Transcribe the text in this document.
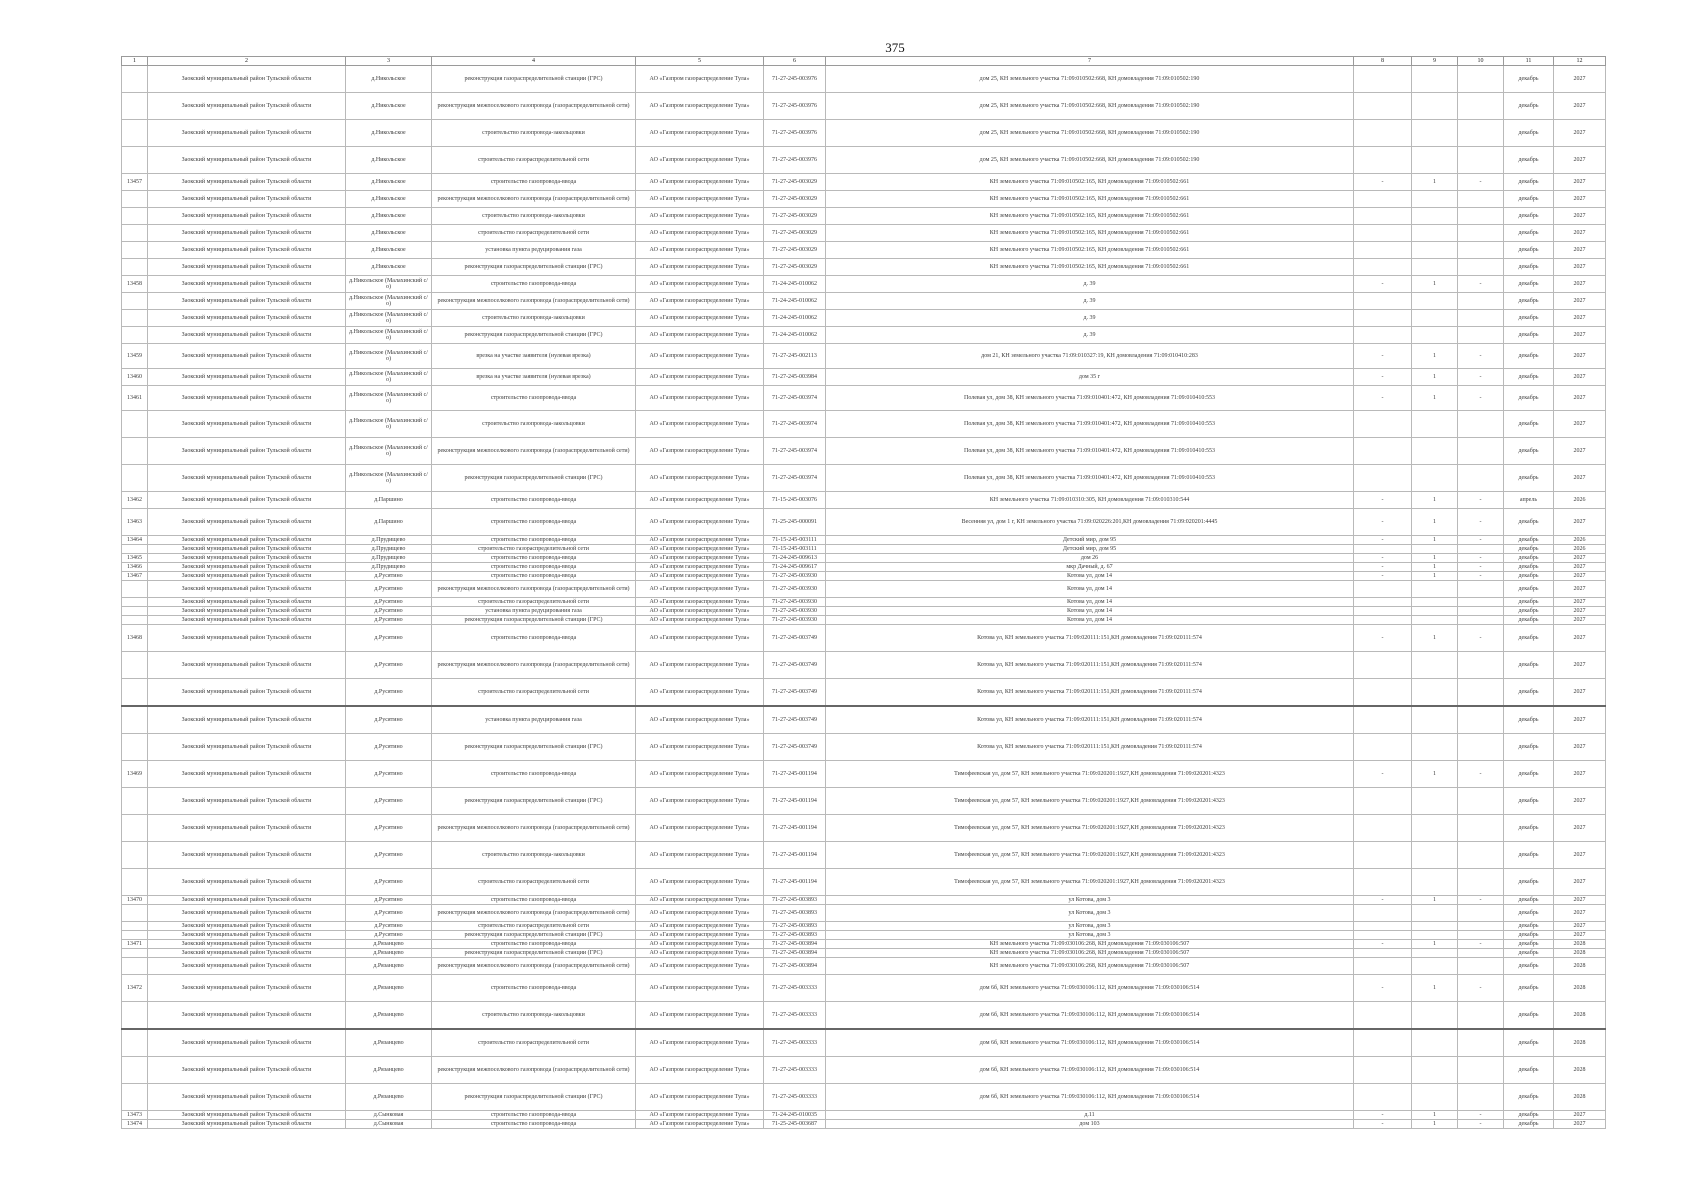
375
1	2	3	4	5	6	7	8	9	10	11	12
	Заокский муниципальный район Тульской области	д.Никольское	реконструкция газораспределительной станции (ГРС)	АО «Газпром газораспределение Тула»	71-27-245-003976	дом 25, КН земельного участка 71:09:010502:668, КН домовладения 71:09:010502:190				декабрь	2027
	Заокский муниципальный район Тульской области	д.Никольское	реконструкция межпоселкового газопровода (газораспределительной сети)	АО «Газпром газораспределение Тула»	71-27-245-003976	дом 25, КН земельного участка 71:09:010502:668, КН домовладения 71:09:010502:190				декабрь	2027
	Заокский муниципальный район Тульской области	д.Никольское	строительство газопровода-закольцовки	АО «Газпром газораспределение Тула»	71-27-245-003976	дом 25, КН земельного участка 71:09:010502:668, КН домовладения 71:09:010502:190				декабрь	2027
	Заокский муниципальный район Тульской области	д.Никольское	строительство газораспределительной сети	АО «Газпром газораспределение Тула»	71-27-245-003976	дом 25, КН земельного участка 71:09:010502:668, КН домовладения 71:09:010502:190				декабрь	2027
13457	Заокский муниципальный район Тульской области	д.Никольское	строительство газопровода-ввода	АО «Газпром газораспределение Тула»	71-27-245-003029	КН земельного участка 71:09:010502:165, КН домовладения 71:09:010502:661	-	1	-	декабрь	2027
	Заокский муниципальный район Тульской области	д.Никольское	реконструкция межпоселкового газопровода (газораспределительной сети)	АО «Газпром газораспределение Тула»	71-27-245-003029	КН земельного участка 71:09:010502:165, КН домовладения 71:09:010502:661				декабрь	2027
	Заокский муниципальный район Тульской области	д.Никольское	строительство газопровода-закольцовки	АО «Газпром газораспределение Тула»	71-27-245-003029	КН земельного участка 71:09:010502:165, КН домовладения 71:09:010502:661				декабрь	2027
	Заокский муниципальный район Тульской области	д.Никольское	строительство газораспределительной сети	АО «Газпром газораспределение Тула»	71-27-245-003029	КН земельного участка 71:09:010502:165, КН домовладения 71:09:010502:661				декабрь	2027
	Заокский муниципальный район Тульской области	д.Никольское	установка пункта редуцирования газа	АО «Газпром газораспределение Тула»	71-27-245-003029	КН земельного участка 71:09:010502:165, КН домовладения 71:09:010502:661				декабрь	2027
	Заокский муниципальный район Тульской области	д.Никольское	реконструкция газораспределительной станции (ГРС)	АО «Газпром газораспределение Тула»	71-27-245-003029	КН земельного участка 71:09:010502:165, КН домовладения 71:09:010502:661				декабрь	2027
13458	Заокский муниципальный район Тульской области	д.Никольское (Малахинский с/о)	строительство газопровода-ввода	АО «Газпром газораспределение Тула»	71-24-245-010062	д. 39	-	1	-	декабрь	2027
	Заокский муниципальный район Тульской области	д.Никольское (Малахинский с/о)	реконструкция межпоселкового газопровода (газораспределительной сети)	АО «Газпром газораспределение Тула»	71-24-245-010062	д. 39				декабрь	2027
	Заокский муниципальный район Тульской области	д.Никольское (Малахинский с/о)	строительство газопровода-закольцовки	АО «Газпром газораспределение Тула»	71-24-245-010062	д. 39				декабрь	2027
	Заокский муниципальный район Тульской области	д.Никольское (Малахинский с/о)	реконструкция газораспределительной станции (ГРС)	АО «Газпром газораспределение Тула»	71-24-245-010062	д. 39				декабрь	2027
13459	Заокский муниципальный район Тульской области	д.Никольское (Малахинский с/о)	врезка на участке заявителя (нулевая врезка)	АО «Газпром газораспределение Тула»	71-27-245-002113	дом 21, КН земельного участка 71:09:010327:19, КН домовладения 71:09:010410:283	-	1	-	декабрь	2027
13460	Заокский муниципальный район Тульской области	д.Никольское (Малахинский с/о)	врезка на участке заявителя (нулевая врезка)	АО «Газпром газораспределение Тула»	71-27-245-003984	дом 35 г	-	1	-	декабрь	2027
13461	Заокский муниципальный район Тульской области	д.Никольское (Малахинский с/о)	строительство газопровода-ввода	АО «Газпром газораспределение Тула»	71-27-245-003974	Полевая ул, дом 38, КН земельного участка 71:09:010401:472, КН домовладения 71:09:010410:553	-	1	-	декабрь	2027
	Заокский муниципальный район Тульской области	д.Никольское (Малахинский с/о)	строительство газопровода-закольцовки	АО «Газпром газораспределение Тула»	71-27-245-003974	Полевая ул, дом 38, КН земельного участка 71:09:010401:472, КН домовладения 71:09:010410:553				декабрь	2027
	Заокский муниципальный район Тульской области	д.Никольское (Малахинский с/о)	реконструкция межпоселкового газопровода (газораспределительной сети)	АО «Газпром газораспределение Тула»	71-27-245-003974	Полевая ул, дом 38, КН земельного участка 71:09:010401:472, КН домовладения 71:09:010410:553				декабрь	2027
	Заокский муниципальный район Тульской области	д.Никольское (Малахинский с/о)	реконструкция газораспределительной станции (ГРС)	АО «Газпром газораспределение Тула»	71-27-245-003974	Полевая ул, дом 38, КН земельного участка 71:09:010401:472, КН домовладения 71:09:010410:553				декабрь	2027
13462	Заокский муниципальный район Тульской области	д.Паршино	строительство газопровода-ввода	АО «Газпром газораспределение Тула»	71-15-245-003076	КН земельного участка 71:09:010310:305, КН домовладения 71:09:010310:544	-	1	-	апрель	2026
13463	Заокский муниципальный район Тульской области	д.Паршино	строительство газопровода-ввода	АО «Газпром газораспределение Тула»	71-25-245-000091	Весенняя ул, дом 1 г, КН земельного участка 71:09:020226:201,КН домовладения 71:09:020201:4445	-	1	-	декабрь	2027
13464	Заокский муниципальный район Тульской области	д.Прудищево	строительство газопровода-ввода	АО «Газпром газораспределение Тула»	71-15-245-003111	Детский мир, дом 95	-	1	-	декабрь	2026
	Заокский муниципальный район Тульской области	д.Прудищево	строительство газораспределительной сети	АО «Газпром газораспределение Тула»	71-15-245-003111	Детский мир, дом 95				декабрь	2026
13465	Заокский муниципальный район Тульской области	д.Прудищево	строительство газопровода-ввода	АО «Газпром газораспределение Тула»	71-24-245-009613	дом 26	-	1	-	декабрь	2027
13466	Заокский муниципальный район Тульской области	д.Прудищево	строительство газопровода-ввода	АО «Газпром газораспределение Тула»	71-24-245-009617	мкр Дачный, д. 67	-	1	-	декабрь	2027
13467	Заокский муниципальный район Тульской области	д.Русятино	строительство газопровода-ввода	АО «Газпром газораспределение Тула»	71-27-245-003930	Котова ул, дом 14	-	1	-	декабрь	2027
	Заокский муниципальный район Тульской области	д.Русятино	реконструкция межпоселкового газопровода (газораспределительной сети)	АО «Газпром газораспределение Тула»	71-27-245-003930	Котова ул, дом 14				декабрь	2027
	Заокский муниципальный район Тульской области	д.Русятино	строительство газораспределительной сети	АО «Газпром газораспределение Тула»	71-27-245-003930	Котова ул, дом 14				декабрь	2027
	Заокский муниципальный район Тульской области	д.Русятино	установка пункта редуцирования газа	АО «Газпром газораспределение Тула»	71-27-245-003930	Котова ул, дом 14				декабрь	2027
	Заокский муниципальный район Тульской области	д.Русятино	реконструкция газораспределительной станции (ГРС)	АО «Газпром газораспределение Тула»	71-27-245-003930	Котова ул, дом 14				декабрь	2027
13468	Заокский муниципальный район Тульской области	д.Русятино	строительство газопровода-ввода	АО «Газпром газораспределение Тула»	71-27-245-003749	Котова ул, КН земельного участка 71:09:020111:151,КН домовладения 71:09:020111:574	-	1	-	декабрь	2027
	Заокский муниципальный район Тульской области	д.Русятино	реконструкция межпоселкового газопровода (газораспределительной сети)	АО «Газпром газораспределение Тула»	71-27-245-003749	Котова ул, КН земельного участка 71:09:020111:151,КН домовладения 71:09:020111:574				декабрь	2027
	Заокский муниципальный район Тульской области	д.Русятино	строительство газораспределительной сети	АО «Газпром газораспределение Тула»	71-27-245-003749	Котова ул, КН земельного участка 71:09:020111:151,КН домовладения 71:09:020111:574				декабрь	2027
	Заокский муниципальный район Тульской области	д.Русятино	установка пункта редуцирования газа	АО «Газпром газораспределение Тула»	71-27-245-003749	Котова ул, КН земельного участка 71:09:020111:151,КН домовладения 71:09:020111:574				декабрь	2027
	Заокский муниципальный район Тульской области	д.Русятино	реконструкция газораспределительной станции (ГРС)	АО «Газпром газораспределение Тула»	71-27-245-003749	Котова ул, КН земельного участка 71:09:020111:151,КН домовладения 71:09:020111:574				декабрь	2027
13469	Заокский муниципальный район Тульской области	д.Русятино	строительство газопровода-ввода	АО «Газпром газораспределение Тула»	71-27-245-001194	Тимофеевская ул, дом 57, КН земельного участка 71:09:020201:1927,КН домовладения 71:09:020201:4323	-	1	-	декабрь	2027
	Заокский муниципальный район Тульской области	д.Русятино	реконструкция газораспределительной станции (ГРС)	АО «Газпром газораспределение Тула»	71-27-245-001194	Тимофеевская ул, дом 57, КН земельного участка 71:09:020201:1927,КН домовладения 71:09:020201:4323				декабрь	2027
	Заокский муниципальный район Тульской области	д.Русятино	реконструкция межпоселкового газопровода (газораспределительной сети)	АО «Газпром газораспределение Тула»	71-27-245-001194	Тимофеевская ул, дом 57, КН земельного участка 71:09:020201:1927,КН домовладения 71:09:020201:4323				декабрь	2027
	Заокский муниципальный район Тульской области	д.Русятино	строительство газопровода-закольцовки	АО «Газпром газораспределение Тула»	71-27-245-001194	Тимофеевская ул, дом 57, КН земельного участка 71:09:020201:1927,КН домовладения 71:09:020201:4323				декабрь	2027
	Заокский муниципальный район Тульской области	д.Русятино	строительство газораспределительной сети	АО «Газпром газораспределение Тула»	71-27-245-001194	Тимофеевская ул, дом 57, КН земельного участка 71:09:020201:1927,КН домовладения 71:09:020201:4323				декабрь	2027
13470	Заокский муниципальный район Тульской области	д.Русятино	строительство газопровода-ввода	АО «Газпром газораспределение Тула»	71-27-245-003893	ул Котова, дом 3	-	1	-	декабрь	2027
	Заокский муниципальный район Тульской области	д.Русятино	реконструкция межпоселкового газопровода (газораспределительной сети)	АО «Газпром газораспределение Тула»	71-27-245-003893	ул Котова, дом 3				декабрь	2027
	Заокский муниципальный район Тульской области	д.Русятино	строительство газораспределительной сети	АО «Газпром газораспределение Тула»	71-27-245-003893	ул Котова, дом 3				декабрь	2027
	Заокский муниципальный район Тульской области	д.Русятино	реконструкция газораспределительной станции (ГРС)	АО «Газпром газораспределение Тула»	71-27-245-003893	ул Котова, дом 3				декабрь	2027
13471	Заокский муниципальный район Тульской области	д.Рязанцево	строительство газопровода-ввода	АО «Газпром газораспределение Тула»	71-27-245-003894	КН земельного участка 71:09:030106:268, КН домовладения 71:09:030106:507	-	1	-	декабрь	2028
	Заокский муниципальный район Тульской области	д.Рязанцево	реконструкция газораспределительной станции (ГРС)	АО «Газпром газораспределение Тула»	71-27-245-003894	КН земельного участка 71:09:030106:268, КН домовладения 71:09:030106:507				декабрь	2028
	Заокский муниципальный район Тульской области	д.Рязанцево	реконструкция межпоселкового газопровода (газораспределительной сети)	АО «Газпром газораспределение Тула»	71-27-245-003894	КН земельного участка 71:09:030106:268, КН домовладения 71:09:030106:507				декабрь	2028
13472	Заокский муниципальный район Тульской области	д.Рязанцево	строительство газопровода-ввода	АО «Газпром газораспределение Тула»	71-27-245-003333	дом 6б, КН земельного участка 71:09:030106:112, КН домовладения 71:09:030106:514	-	1	-	декабрь	2028
	Заокский муниципальный район Тульской области	д.Рязанцево	строительство газопровода-закольцовки	АО «Газпром газораспределение Тула»	71-27-245-003333	дом 6б, КН земельного участка 71:09:030106:112, КН домовладения 71:09:030106:514				декабрь	2028
	Заокский муниципальный район Тульской области	д.Рязанцево	строительство газораспределительной сети	АО «Газпром газораспределение Тула»	71-27-245-003333	дом 6б, КН земельного участка 71:09:030106:112, КН домовладения 71:09:030106:514				декабрь	2028
	Заокский муниципальный район Тульской области	д.Рязанцево	реконструкция межпоселкового газопровода (газораспределительной сети)	АО «Газпром газораспределение Тула»	71-27-245-003333	дом 6б, КН земельного участка 71:09:030106:112, КН домовладения 71:09:030106:514				декабрь	2028
	Заокский муниципальный район Тульской области	д.Рязанцево	реконструкция газораспределительной станции (ГРС)	АО «Газпром газораспределение Тула»	71-27-245-003333	дом 6б, КН земельного участка 71:09:030106:112, КН домовладения 71:09:030106:514				декабрь	2028
13473	Заокский муниципальный район Тульской области	д.Сынковая	строительство газопровода-ввода	АО «Газпром газораспределение Тула»	71-24-245-010035	д.11	-	1	-	декабрь	2027
13474	Заокский муниципальный район Тульской области	д.Сынковая	строительство газопровода-ввода	АО «Газпром газораспределение Тула»	71-25-245-003687	дом 103	-	1	-	декабрь	2027
